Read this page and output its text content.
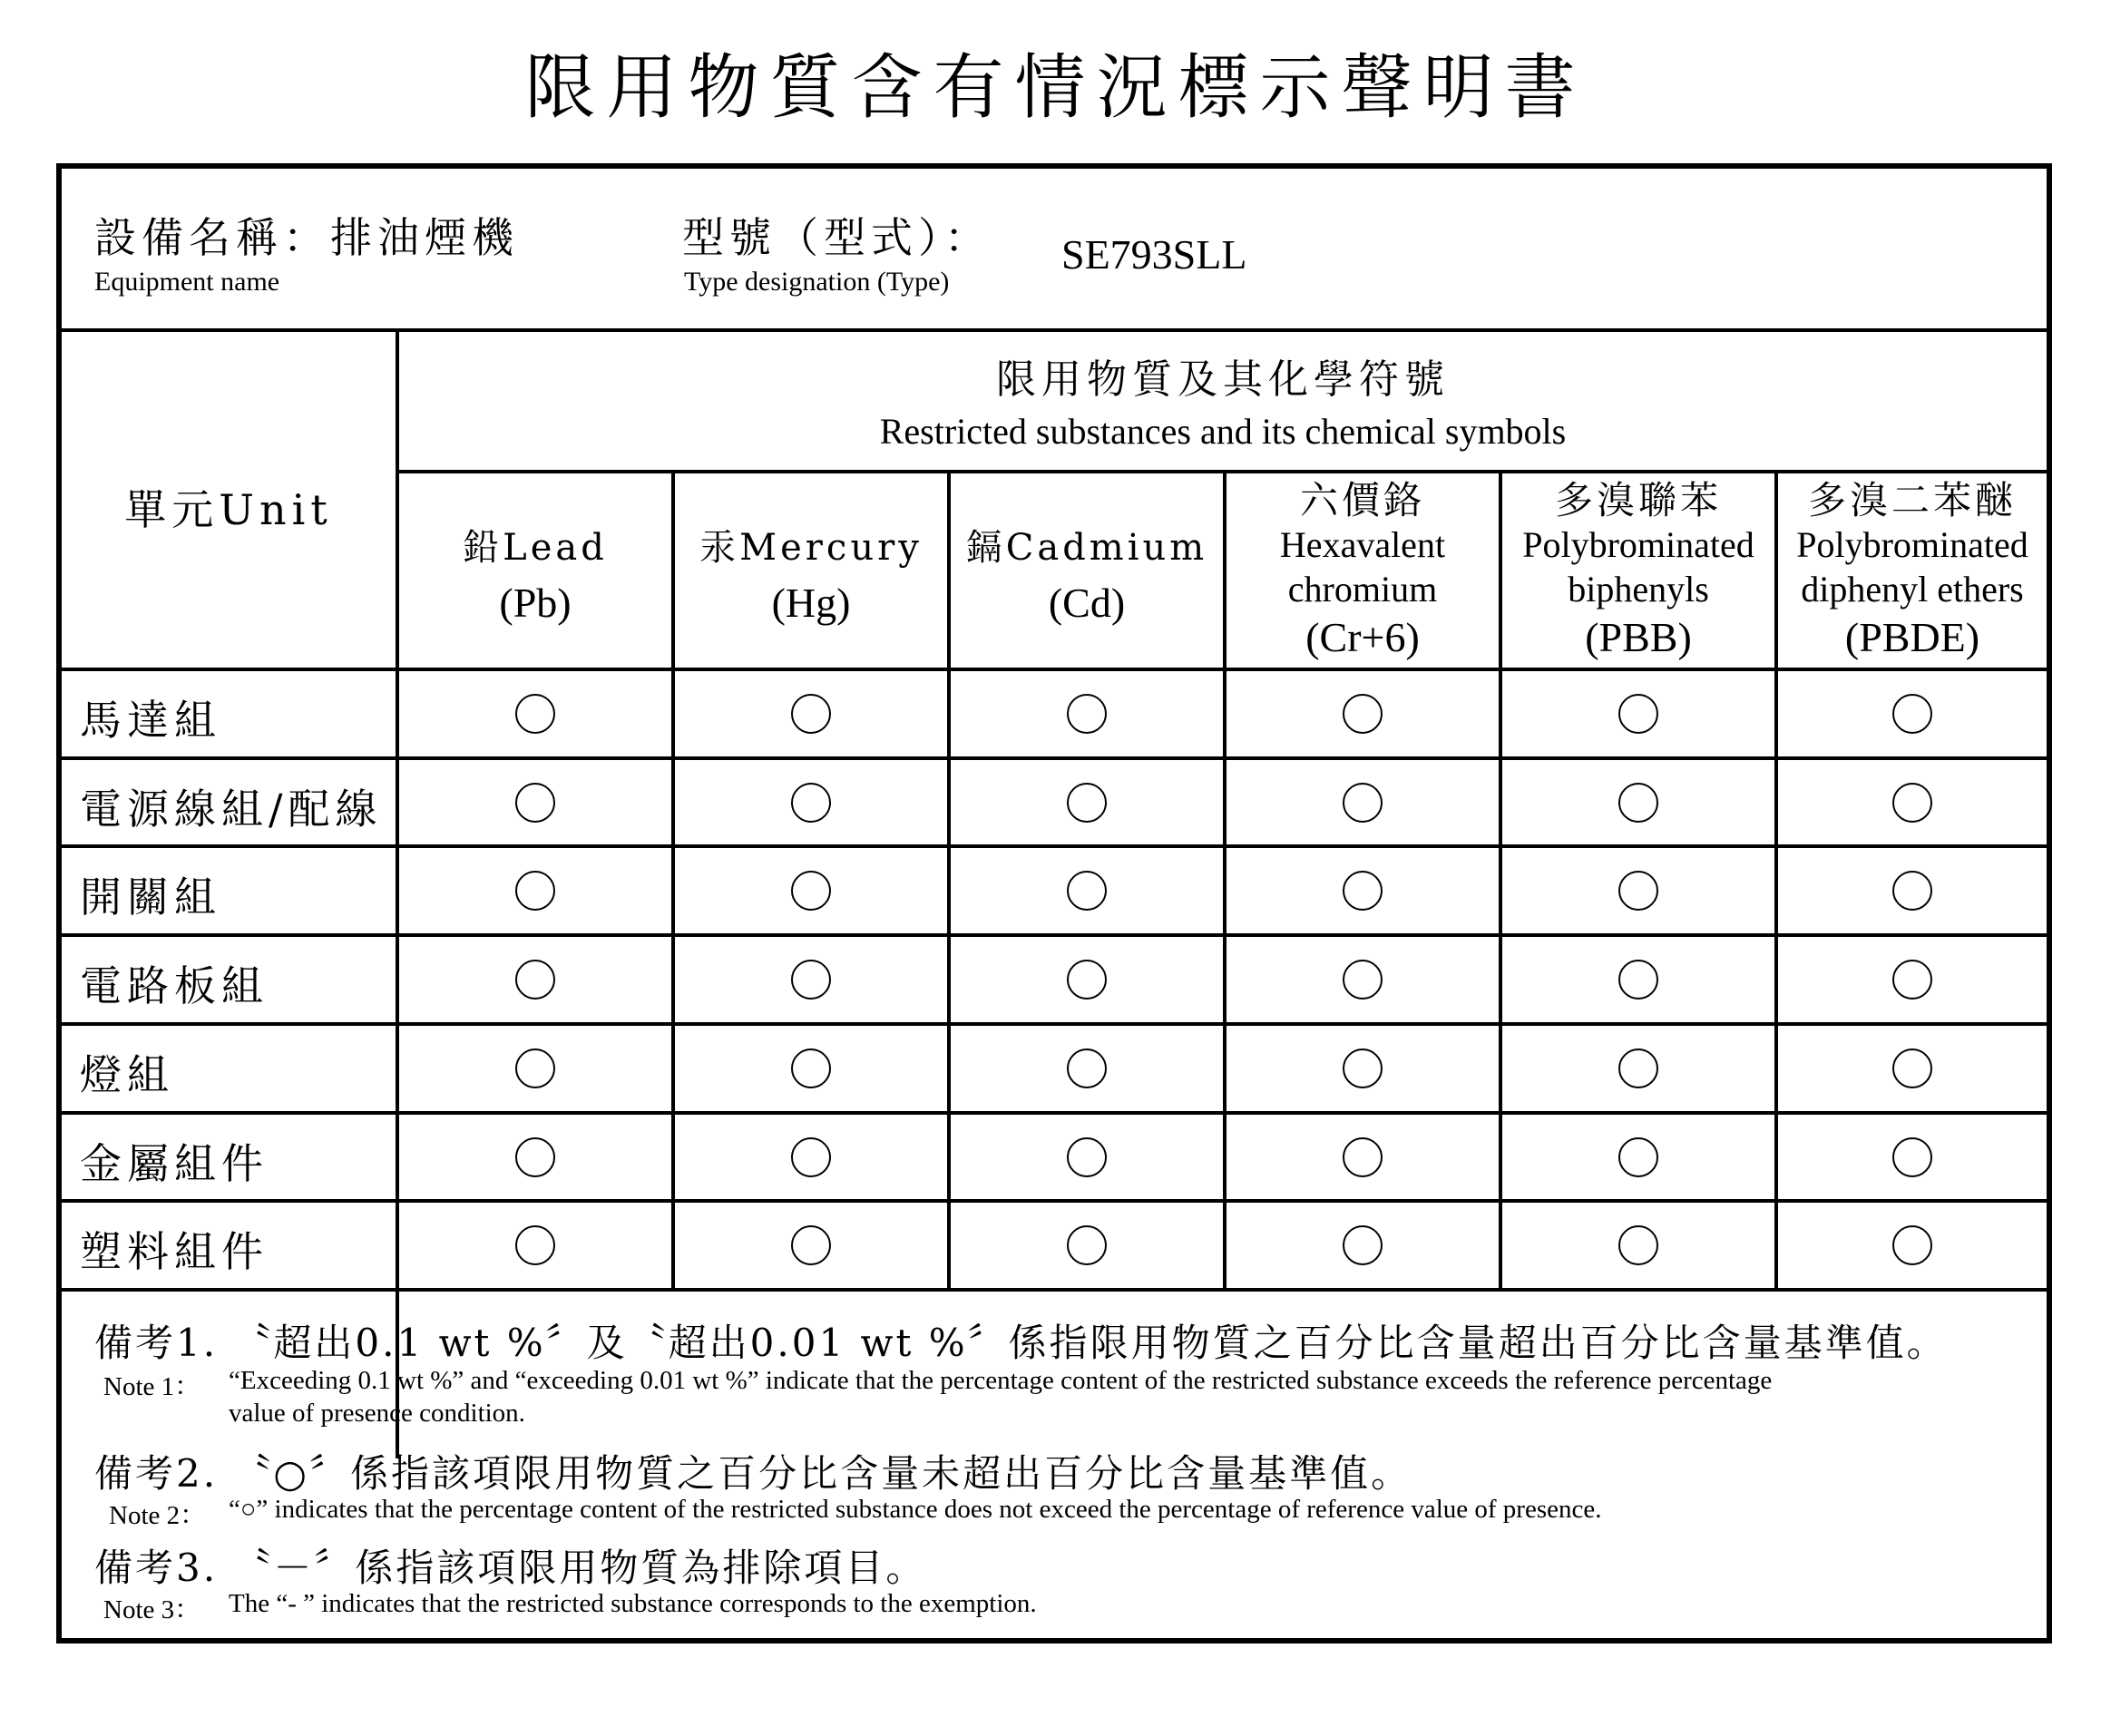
限用物質含有情況標示聲明書
設備名稱：排油煙機
Equipment name
型號（型式）：
Type designation (Type)
SE793SLL
單元Unit
限用物質及其化學符號
Restricted substances and its chemical symbols
鉛Lead
(Pb)
汞Mercury
(Hg)
鎘Cadmium
(Cd)
六價鉻
Hexavalent
chromium
(Cr+6)
多溴聯苯
Polybrominated
biphenyls
(PBB)
多溴二苯醚
Polybrominated
diphenyl ethers
(PBDE)
馬達組
電源線組/配線
開關組
電路板組
燈組
金屬組件
塑料組件
備考1. 〝超出0.1 wt %〞及〝超出0.01 wt %〞係指限用物質之百分比含量超出百分比含量基準值。
Note 1： “Exceeding 0.1 wt %” and “exceeding 0.01 wt %” indicate that the percentage content of the restricted substance exceeds the reference percentage
value of presence condition.
備考2. 〝○〞係指該項限用物質之百分比含量未超出百分比含量基準值。
Note 2： “○” indicates that the percentage content of the restricted substance does not exceed the percentage of reference value of presence.
備考3. 〝－〞係指該項限用物質為排除項目。
Note 3： The “- ” indicates that the restricted substance corresponds to the exemption.
